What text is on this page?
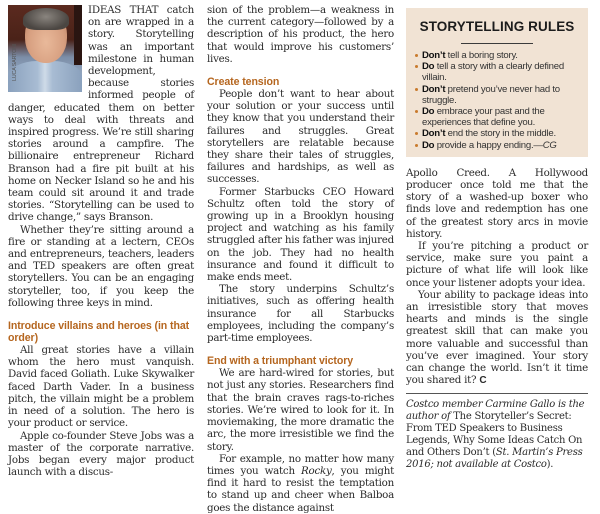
LUCA SARTONI

IDEAS THAT catch on are wrapped in a story. Storytelling was an important milestone in human development, because stories informed people of danger, educated them on better ways to deal with threats and inspired progress. We’re still sharing stories around a campfire. The billionaire entrepreneur Richard Branson had a fire pit built at his home on Necker Island so he and his team could sit around it and trade stories. “Storytelling can be used to drive change,” says Branson.

Whether they’re sitting around a fire or standing at a lectern, CEOs and entrepreneurs, teachers, leaders and TED speakers are often great storytellers. You can be an engaging storyteller, too, if you keep the following three keys in mind.

Introduce villains and heroes (in that order)

All great stories have a villain whom the hero must vanquish. David faced Goliath. Luke Skywalker faced Darth Vader. In a business pitch, the villain might be a problem in need of a solution. The hero is your product or service.

Apple co-founder Steve Jobs was a master of the corporate narrative. Jobs began every major product launch with a discus-

sion of the problem—a weakness in the current category—followed by a description of his product, the hero that would improve his customers’ lives.

Create tension

People don’t want to hear about your solution or your success until they know that you understand their failures and struggles. Great storytellers are relatable because they share their tales of struggles, failures and hardships, as well as successes.

Former Starbucks CEO Howard Schultz often told the story of growing up in a Brooklyn housing project and watching as his family struggled after his father was injured on the job. They had no health insurance and found it difficult to make ends meet.

The story underpins Schultz’s initiatives, such as offering health insurance for all Starbucks employees, including the company’s part-time employees.

End with a triumphant victory

We are hard-wired for stories, but not just any stories. Researchers find that the brain craves rags-to-riches stories. We’re wired to look for it. In moviemaking, the more dramatic the arc, the more irresistible we find the story.

For example, no matter how many times you watch Rocky, you might find it hard to resist the temptation to stand up and cheer when Balboa goes the distance against

STORYTELLING RULES
Don’t tell a boring story.
Do tell a story with a clearly defined villain.
Don’t pretend you’ve never had to struggle.
Do embrace your past and the experiences that define you.
Don’t end the story in the middle.
Do provide a happy ending.—CG

Apollo Creed. A Hollywood producer once told me that the story of a washed-up boxer who finds love and redemption has one of the greatest story arcs in movie history.

If you’re pitching a product or service, make sure you paint a picture of what life will look like once your listener adopts your idea.

Your ability to package ideas into an irresistible story that moves hearts and minds is the single greatest skill that can make you more valuable and successful than you’ve ever imagined. Your story can change the world. Isn’t it time you shared it? C

Costco member Carmine Gallo is the author of The Storyteller’s Secret: From TED Speakers to Business Legends, Why Some Ideas Catch On and Others Don’t (St. Martin’s Press 2016; not available at Costco).
